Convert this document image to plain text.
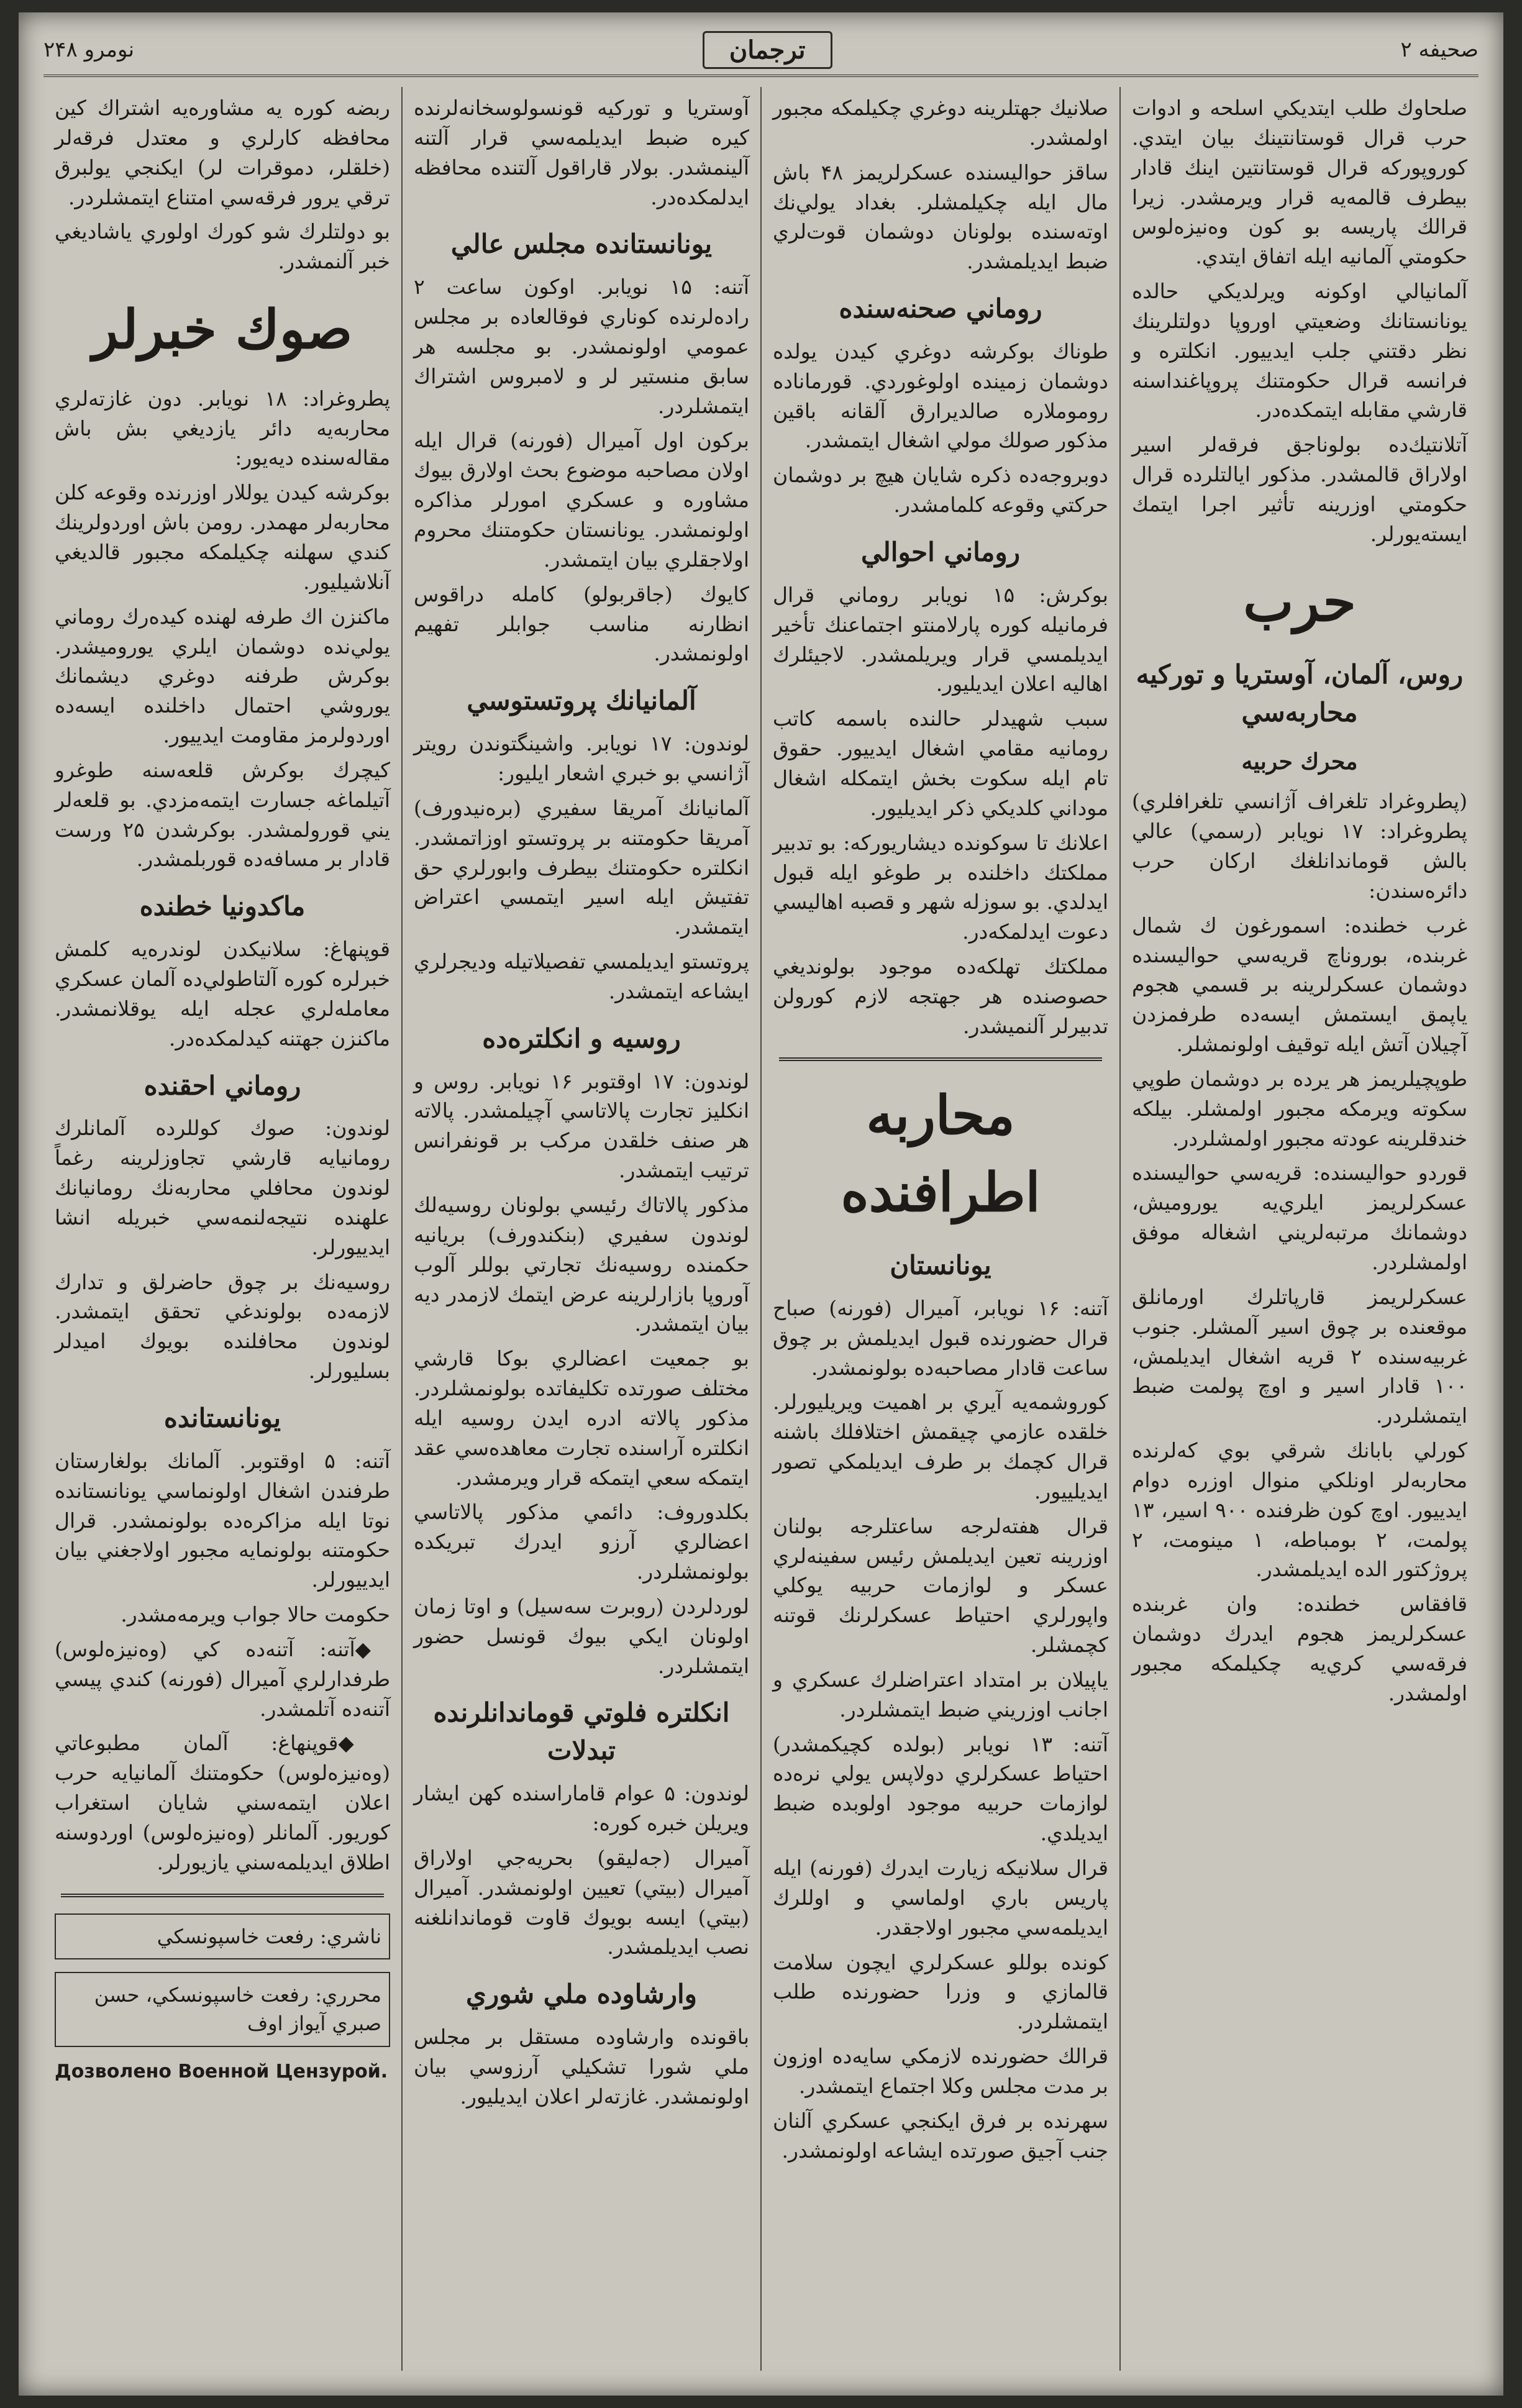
صحيفه ۲
ترجمان
نومرو ۲۴۸

صلحاوك طلب ايتديكي اسلحه و ادوات حرب قرال قوستانتينك بيان ايتدي. كوروپوركه قرال قوستانتين اينك قادار بيطرف قالمه‌يه قرار ويرمشدر. زيرا قرالك پاريسه بو كون وه‌نيزه‌لوس حكومتي آلمانيه ايله اتفاق ايتدي.

آلمانيالي اوكونه ويرلديكي حالده يونانستانك وضعيتي اوروپا دولتلرينك نظر دقتني جلب ايدييور. انكلتره و فرانسه قرال حكومتنك پروپاغنداسنه قارشي مقابله ايتمكده‌در.

آتلانتيك‌ده بولوناجق فرقه‌لر اسير اولاراق قالمشدر. مذكور ايالتلرده قرال حكومتي اوزرينه تأثير اجرا ايتمك ايسته‌يورلر.

حرب
روس، آلمان، آوستريا و توركيه محاربه‌سي
محرك حربيه

(پطروغراد تلغراف آژانسي تلغرافلري) پطروغراد: ۱۷ نويابر (رسمي) عالي بالش قوماندانلغك اركان حرب دائره‌سندن:

غرب خطنده: اسمورغون ك شمال غربنده، بوروناچ قريه‌سي حواليسنده دوشمان عسكرلرينه بر قسمي هجوم ياپمق ايستمش ايسه‌ده طرفمزدن آچيلان آتش ايله توقيف اولونمشلر.

طوپچيلريمز هر يرده بر دوشمان طوپي سكوته ويرمكه مجبور اولمشلر. بيلكه خندقلرينه عودته مجبور اولمشلردر.

قوردو حواليسنده: قريه‌سي حواليسنده عسكرلريمز ايلري‌يه يوروميش، دوشمانك مرتبه‌لريني اشغاله موفق اولمشلردر.

عسكرلريمز قارپاتلرك اورمانلق موقعنده بر چوق اسير آلمشلر. جنوب غربيه‌سنده ۲ قريه اشغال ايديلمش، ۱۰۰ قادار اسير و اوچ پولمت ضبط ايتمشلردر.

كورلي بابانك شرقي بوي كه‌لرنده محاربه‌لر اونلكي منوال اوزره دوام ايدييور. اوچ كون ظرفنده ۹۰۰ اسير، ۱۳ پولمت، ۲ بومباطه، ۱ مينومت، ۲ پروژکتور الده ايديلمشدر.

قافقاس خطنده: وان غربنده عسكرلريمز هجوم ايدرك دوشمان فرقه‌سي كري‌يه چكيلمكه مجبور اولمشدر.

صلانيك جهتلرينه دوغري چكيلمكه مجبور اولمشدر.

ساقز حواليسنده عسكرلريمز ۴۸ باش مال ايله چكيلمشلر. بغداد يولي‌نك اوته‌سنده بولونان دوشمان قوت‌لري ضبط ايديلمشدر.

روماني صحنه‌سنده

طوناك بوكرشه دوغري كيدن يولده دوشمان زمينده اولوغوردي. قورماناده روموملاره صالديرارق آلقانه باقين مذكور صولك مولي اشغال ايتمشدر.

دوبروجه‌ده ذكره شايان هيچ بر دوشمان حركتي وقوعه كلمامشدر.

روماني احوالي

بوكرش: ۱۵ نويابر روماني قرال فرمانيله كوره پارلامنتو اجتماعنك تأخير ايديلمسي قرار ويريلمشدر. لاجيئلرك اهاليه اعلان ايديليور.

سبب شهيدلر حالنده باسمه كاتب رومانيه مقامي اشغال ايدييور. حقوق تام ايله سكوت بخش ايتمكله اشغال موداني كلديكي ذكر ايديليور.

اعلانك تا سوكونده ديشاريوركه: بو تدبير مملكتك داخلنده بر طوغو ايله قبول ايدلدي. بو سوزله شهر و قصبه اهاليسي دعوت ايدلمكه‌در.

مملكتك تهلكه‌ده موجود بولونديغي حصوصنده هر جهتجه لازم كورولن تدبيرلر آلنميشدر.

محاربه اطرافنده
يونانستان

آتنه: ۱۶ نويابر، آميرال (فورنه) صباح قرال حضورنده قبول ايديلمش بر چوق ساعت قادار مصاحبه‌ده بولونمشدر.

كوروشمه‌يه آيري بر اهميت ويريليورلر. خلقده عازمي چيقمش اختلافلك باشنه قرال كچمك بر طرف ايديلمكي تصور ايديلييور.

قرال هفته‌لرجه ساعتلرجه بولنان اوزرينه تعين ايديلمش رئيس سفينه‌لري عسكر و لوازمات حربيه يوكلي واپورلري احتياط عسكرلرنك قوتنه كچمشلر.

ياپيلان بر امتداد اعتراضلرك عسكري و اجانب اوزريني ضبط ايتمشلردر.

آتنه: ۱۳ نويابر (بولده كچيكمشدر) احتياط عسكرلري دولاپس يولي نره‌ده لوازمات حربيه موجود اولوبده ضبط ايديلدي.

قرال سلانيكه زيارت ايدرك (فورنه) ايله پاريس باري اولماسي و اوللرك ايديلمه‌سي مجبور اولاجقدر.

كونده بوللو عسكرلري ايچون سلامت قالمازي و وزرا حضورنده طلب ايتمشلردر.

قرالك حضورنده لازمكي سايه‌ده اوزون بر مدت مجلس وكلا اجتماع ايتمشدر.

سهرنده بر فرق ايكنجي عسكري آلنان جنب آجيق صورتده ايشاعه اولونمشدر.

آوستريا و توركيه قونسولوسخانه‌لرنده كيره ضبط ايديلمه‌سي قرار آلتنه آلينمشدر. بولار قاراقول آلتنده محافظه ايدلمكده‌در.

يونانستانده مجلس عالي

آتنه: ۱۵ نويابر. اوكون ساعت ۲ راده‌لرنده كوناري فوقالعاده بر مجلس عمومي اولونمشدر. بو مجلسه هر سابق منستير لر و لامبروس اشتراك ايتمشلردر.

بركون اول آميرال (فورنه) قرال ايله اولان مصاحبه موضوع بحث اولارق بيوك مشاوره و عسكري امورلر مذاكره اولونمشدر. يونانستان حكومتنك محروم اولاجقلري بيان ايتمشدر.

كايوك (جاقربولو) كامله دراقوس انظارنه مناسب جوابلر تفهيم اولونمشدر.

آلمانيانك پروتستوسي

لوندون: ۱۷ نويابر. واشينگتوندن رويتر آژانسي بو خبري اشعار ايليور:

آلمانيانك آمريقا سفيري (بره‌نيدورف) آمريقا حكومتنه بر پروتستو اوزاتمشدر. انكلتره حكومتنك بيطرف وابورلري حق تفتيش ايله اسير ايتمسي اعتراض ايتمشدر.

پروتستو ايديلمسي تفصيلاتيله وديجرلري ايشاعه ايتمشدر.

روسيه و انكلتره‌ده

لوندون: ۱۷ اوقتوبر ۱۶ نويابر. روس و انكليز تجارت پالاتاسي آچيلمشدر. پالاته هر صنف خلقدن مركب بر قونفرانس ترتيب ايتمشدر.

مذكور پالاتاك رئيسي بولونان روسيه‌لك لوندون سفيري (بنكندورف) بريانيه حكمنده روسيه‌نك تجارتي بوللر آلوب آوروپا بازارلرينه عرض ايتمك لازمدر ديه بيان ايتمشدر.

بو جمعيت اعضالري بوكا قارشي مختلف صورتده تكليفاتده بولونمشلردر. مذكور پالاته ادره ايدن روسيه ايله انكلتره آراسنده تجارت معاهده‌سي عقد ايتمكه سعي ايتمكه قرار ويرمشدر.

بكلدوروف: دائمي مذكور پالاتاسي اعضالري آرزو ايدرك تبريكده بولونمشلردر.

لوردلردن (روبرت سه‌سيل) و اوتا زمان اولونان ايكي بيوك قونسل حضور ايتمشلردر.

انكلتره فلوتي قوماندانلرنده تبدلات

لوندون: ۵ عوام قاماراسنده كهن ايشار ويريلن خبره كوره:

آميرال (جه‌ليقو) بحريه‌جي اولاراق آميرال (بيتي) تعيين اولونمشدر. آميرال (بيتي) ايسه بويوك قاوت قوماندانلغنه نصب ايديلمشدر.

وارشاوده ملي شوري

باقونده وارشاوده مستقل بر مجلس ملي شورا تشكيلي آرزوسي بيان اولونمشدر. غازته‌لر اعلان ايديليور.

ربضه كوره يه مشاوره‌يه اشتراك كين محافظه كارلري و معتدل فرقه‌لر (خلقلر، دموقرات لر) ايكنجي يولبرق ترقي يرور فرقه‌سي امتناع ايتمشلردر.

بو دولتلرك شو كورك اولوري ياشاديغي خبر آلنمشدر.

صوك خبرلر

پطروغراد: ۱۸ نويابر. دون غازته‌لري محاربه‌يه دائر يازديغي بش باش مقاله‌سنده ديه‌يور:

بوكرشه كيدن يوللار اوزرنده وقوعه كلن محاربه‌لر مهمدر. رومن باش اوردولرينك كندي سهلنه چكيلمكه مجبور قالديغي آنلاشيليور.

ماكنزن اك طرفه لهنده كيده‌رك روماني يولي‌نده دوشمان ايلري يوروميشدر. بوكرش طرفنه دوغري ديشمانك يوروشي احتمال داخلنده ايسه‌ده اوردولرمز مقاومت ايدييور.

كيچرك بوكرش قلعه‌سنه طوغرو آتيلماغه جسارت ايتمه‌مزدي. بو قلعه‌لر يني قورولمشدر. بوكرشدن ۲۵ ورست قادار بر مسافه‌ده قوربلمشدر.

ماكدونيا خطنده

قوپنهاغ: سلانيكدن لوندره‌يه كلمش خبرلره كوره آلتاطولي‌ده آلمان عسكري معامله‌لري عجله ايله يوقلانمشدر. ماكنزن جهتنه كيدلمكده‌در.

روماني احقنده

لوندون: صوك كوللرده آلمانلرك رومانيايه قارشي تجاوزلرينه رغماً لوندون محافلي محاربه‌نك رومانيانك علهنده نتيجه‌لنمه‌سي خبريله انشا ايدييورلر.

روسيه‌نك بر چوق حاضرلق و تدارك لازمه‌ده بولوندغي تحقق ايتمشدر. لوندون محافلنده بويوك اميدلر بسليورلر.

يونانستانده

آتنه: ۵ اوقتوبر. آلمانك بولغارستان طرفندن اشغال اولونماسي يونانستانده نوتا ايله مزاكره‌ده بولونمشدر. قرال حكومتنه بولونمايه مجبور اولاجغني بيان ايدييورلر.

حكومت حالا جواب ويرمه‌مشدر.

◆ آتنه: آتنه‌ده كي (وه‌نيزه‌لوس) طرفدارلري آميرال (فورنه) كندي پيسي آتنه‌ده آتلمشدر.

◆ قوپنهاغ: آلمان مطبوعاتي (وه‌نيزه‌لوس) حكومتنك آلمانيايه حرب اعلان ايتمه‌سني شايان استغراب كوريور. آلمانلر (وه‌نيزه‌لوس) اوردوسنه اطلاق ايديلمه‌سني يازيورلر.

ناشري: رفعت خاسپونسكي
محرري: رفعت خاسپونسكي، حسن صبري آيواز اوف
Дозволено Военной Цензурой.
